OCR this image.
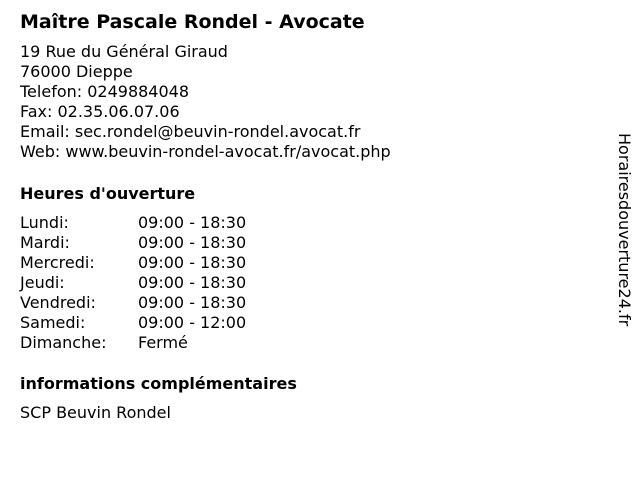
Maître Pascale Rondel - Avocate
19 Rue du Général Giraud
76000 Dieppe
Telefon: 0249884048
Fax: 02.35.06.07.06
Email: sec.rondel@beuvin-rondel.avocat.fr
Web: www.beuvin-rondel-avocat.fr/avocat.php
Heures d'ouverture
Lundi:	09:00 - 18:30
Mardi:	09:00 - 18:30
Mercredi:	09:00 - 18:30
Jeudi:	09:00 - 18:30
Vendredi:	09:00 - 18:30
Samedi:	09:00 - 12:00
Dimanche:	Fermé
informations complémentaires
SCP Beuvin Rondel
Horairesdouverture24.fr
